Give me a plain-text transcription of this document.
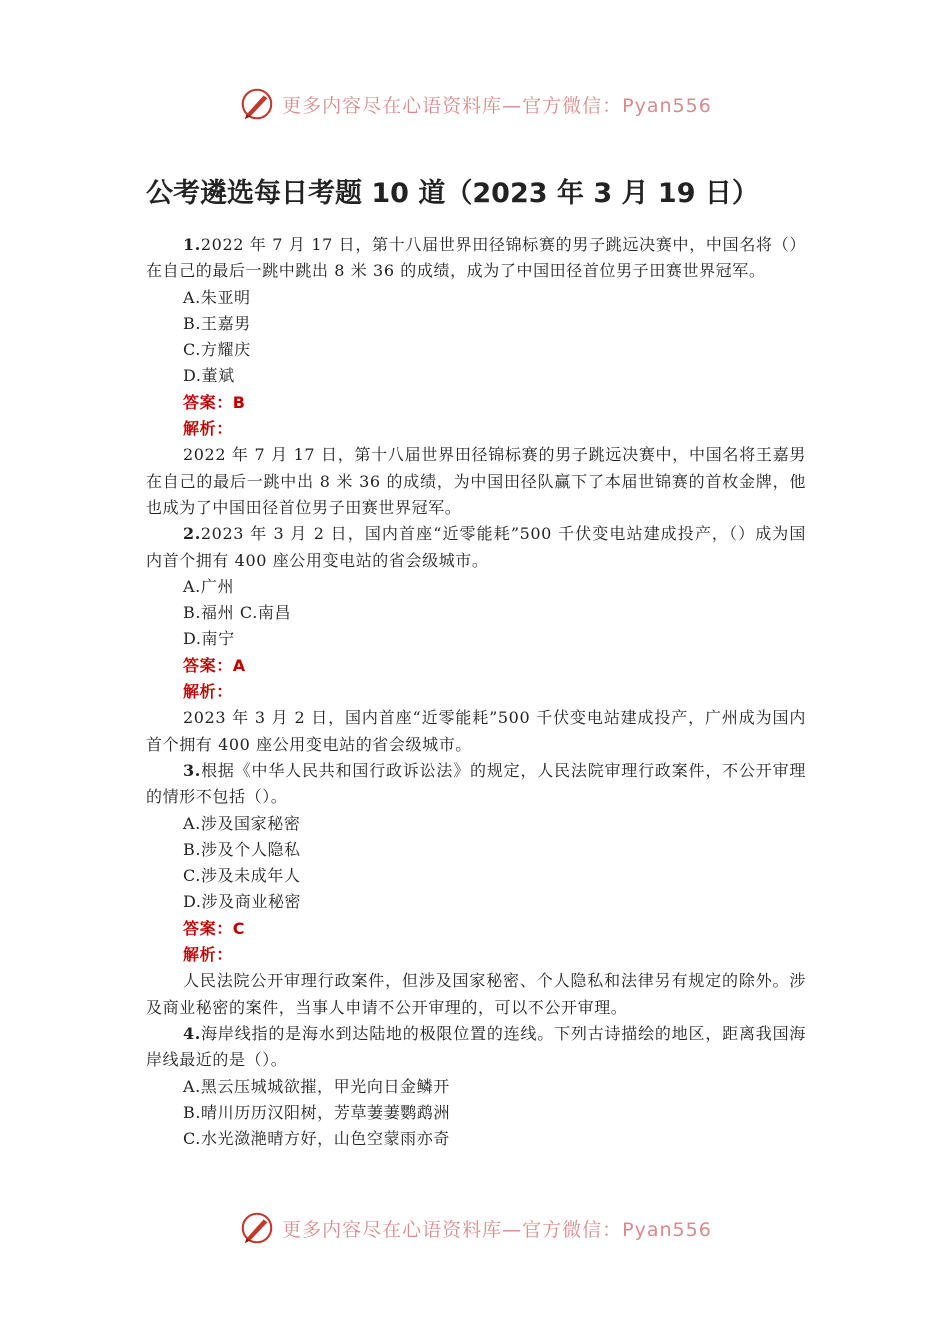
更多内容尽在心语资料库—官方微信：Pyan556
公考遴选每日考题 10 道（2023 年 3 月 19 日）

1.2022 年 7 月 17 日，第十八届世界田径锦标赛的男子跳远决赛中，中国名将（）在自己的最后一跳中跳出 8 米 36 的成绩，成为了中国田径首位男子田赛世界冠军。

A.朱亚明

B.王嘉男

C.方耀庆

D.董斌

答案：B

解析：

2022 年 7 月 17 日，第十八届世界田径锦标赛的男子跳远决赛中，中国名将王嘉男在自己的最后一跳中出 8 米 36 的成绩，为中国田径队赢下了本届世锦赛的首枚金牌，他也成为了中国田径首位男子田赛世界冠军。

2.2023 年 3 月 2 日，国内首座“近零能耗”500 千伏变电站建成投产，（）成为国内首个拥有 400 座公用变电站的省会级城市。

A.广州

B.福州 C.南昌

D.南宁

答案：A

解析：

2023 年 3 月 2 日，国内首座“近零能耗”500 千伏变电站建成投产，广州成为国内首个拥有 400 座公用变电站的省会级城市。

3.根据《中华人民共和国行政诉讼法》的规定，人民法院审理行政案件，不公开审理的情形不包括（）。

A.涉及国家秘密

B.涉及个人隐私

C.涉及未成年人

D.涉及商业秘密

答案：C

解析：

人民法院公开审理行政案件，但涉及国家秘密、个人隐私和法律另有规定的除外。涉及商业秘密的案件，当事人申请不公开审理的，可以不公开审理。

4.海岸线指的是海水到达陆地的极限位置的连线。下列古诗描绘的地区，距离我国海岸线最近的是（）。

A.黑云压城城欲摧，甲光向日金鳞开

B.晴川历历汉阳树，芳草萋萋鹦鹉洲

C.水光潋滟晴方好，山色空蒙雨亦奇

更多内容尽在心语资料库—官方微信：Pyan556
